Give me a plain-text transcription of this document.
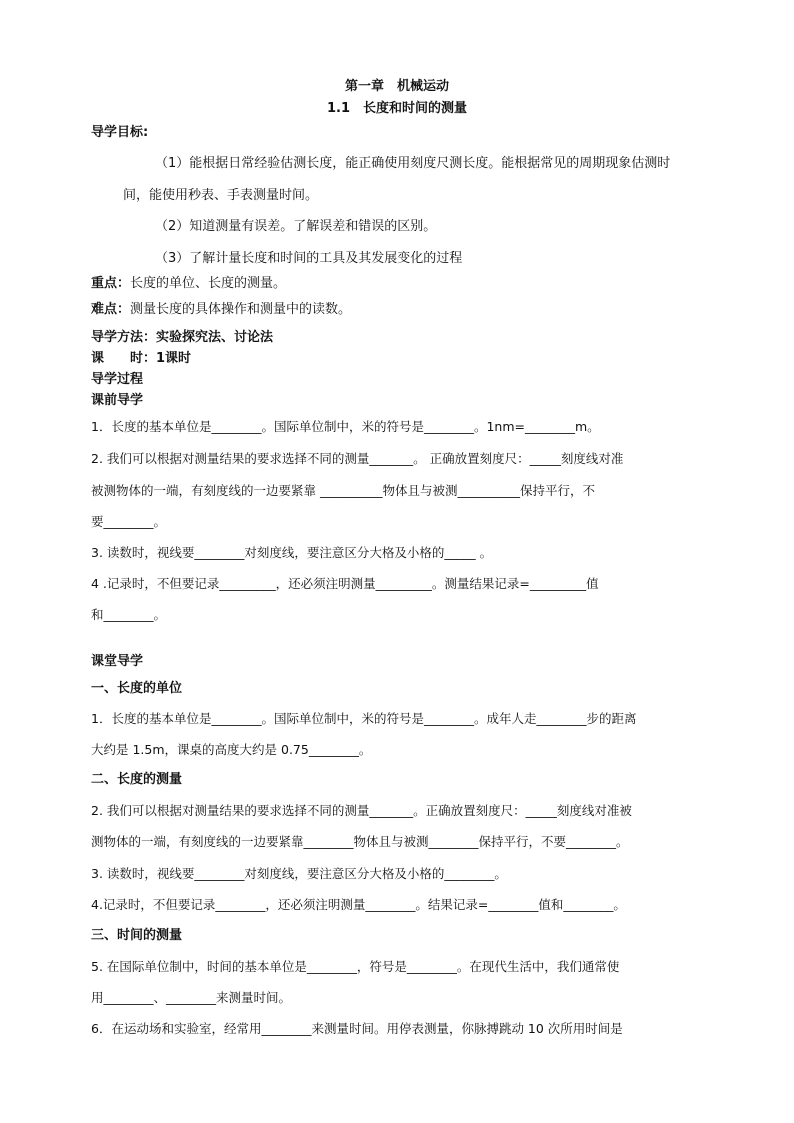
第一章　机械运动
1.1　长度和时间的测量
导学目标:
（1）能根据日常经验估测长度，能正确使用刻度尺测长度。能根据常见的周期现象估测时
间，能使用秒表、手表测量时间。
（2）知道测量有误差。了解误差和错误的区别。
（3）了解计量长度和时间的工具及其发展变化的过程
重点：长度的单位、长度的测量。
难点：测量长度的具体操作和测量中的读数。
导学方法：实验探究法、讨论法
课　　时：1课时
导学过程
课前导学
1．长度的基本单位是________。国际单位制中，米的符号是________。1nm=________m。
2. 我们可以根据对测量结果的要求选择不同的测量_______。 正确放置刻度尺：_____刻度线对准
被测物体的一端，有刻度线的一边要紧靠 __________物体且与被测__________保持平行，不
要________。
3. 读数时，视线要________对刻度线，要注意区分大格及小格的_____ 。
4 .记录时，不但要记录_________，还必须注明测量_________。测量结果记录=_________值
和________。
课堂导学
一、长度的单位
1．长度的基本单位是________。国际单位制中，米的符号是________。成年人走________步的距离
大约是 1.5m，课桌的高度大约是 0.75________。
二、长度的测量
2. 我们可以根据对测量结果的要求选择不同的测量_______。正确放置刻度尺：_____刻度线对准被
测物体的一端，有刻度线的一边要紧靠________物体且与被测________保持平行，不要________。
3. 读数时，视线要________对刻度线，要注意区分大格及小格的________。
4.记录时，不但要记录________，还必须注明测量________。结果记录=________值和________。
三、时间的测量
5. 在国际单位制中，时间的基本单位是________，符号是________。在现代生活中，我们通常使
用________、________来测量时间。
6．在运动场和实验室，经常用________来测量时间。用停表测量，你脉搏跳动 10 次所用时间是
